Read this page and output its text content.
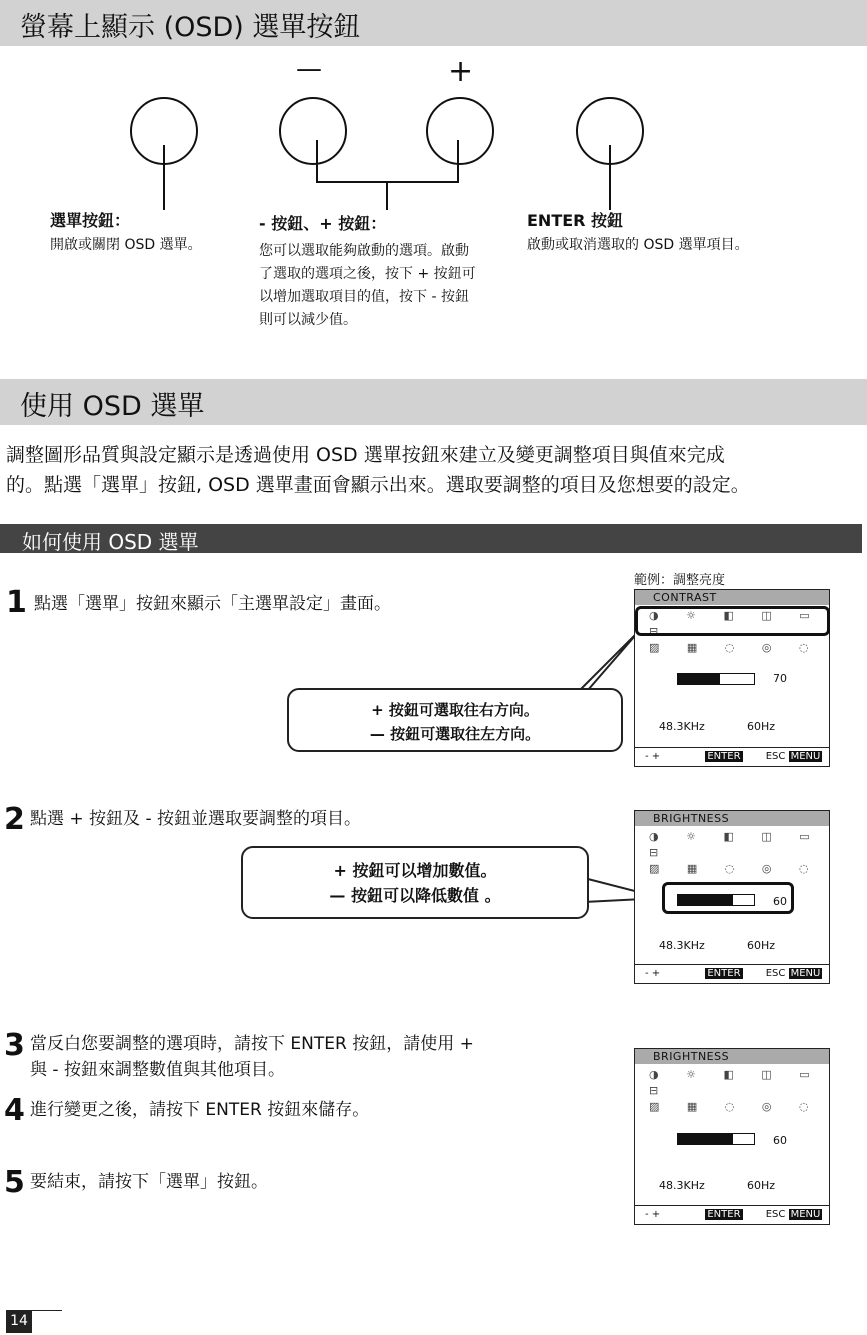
螢幕上顯示 (OSD) 選單按鈕
—	+
選單按鈕：
開啟或關閉 OSD 選單。
- 按鈕、+ 按鈕：
您可以選取能夠啟動的選項。啟動
了選取的選項之後，按下 + 按鈕可
以增加選取項目的值，按下 - 按鈕
則可以減少值。
ENTER 按鈕
啟動或取消選取的 OSD 選單項目。
使用 OSD 選單
調整圖形品質與設定顯示是透過使用 OSD 選單按鈕來建立及變更調整項目與值來完成
的。點選「選單」按鈕, OSD 選單畫面會顯示出來。選取要調整的項目及您想要的設定。
如何使用 OSD 選單
1 點選「選單」按鈕來顯示「主選單設定」畫面。
範例：調整亮度
+ 按鈕可選取往右方向。
— 按鈕可選取往左方向。
CONTRAST
◑ ☼ ◧ ◫ ▭ ⊟
▨ ▦ ◌ ◎ ◌
70
48.3KHz	60Hz
- +	ENTER	ESC MENU
2 點選 + 按鈕及 - 按鈕並選取要調整的項目。
+ 按鈕可以增加數值。
— 按鈕可以降低數值 。
BRIGHTNESS
◑ ☼ ◧ ◫ ▭ ⊟
▨ ▦ ◌ ◎ ◌
60
48.3KHz	60Hz
- +	ENTER	ESC MENU
3 當反白您要調整的選項時，請按下 ENTER 按鈕，請使用 +
與 - 按鈕來調整數值與其他項目。
4 進行變更之後，請按下 ENTER 按鈕來儲存。
5 要結束，請按下「選單」按鈕。
BRIGHTNESS
◑ ☼ ◧ ◫ ▭ ⊟
▨ ▦ ◌ ◎ ◌
60
48.3KHz	60Hz
- +	ENTER	ESC MENU
14
